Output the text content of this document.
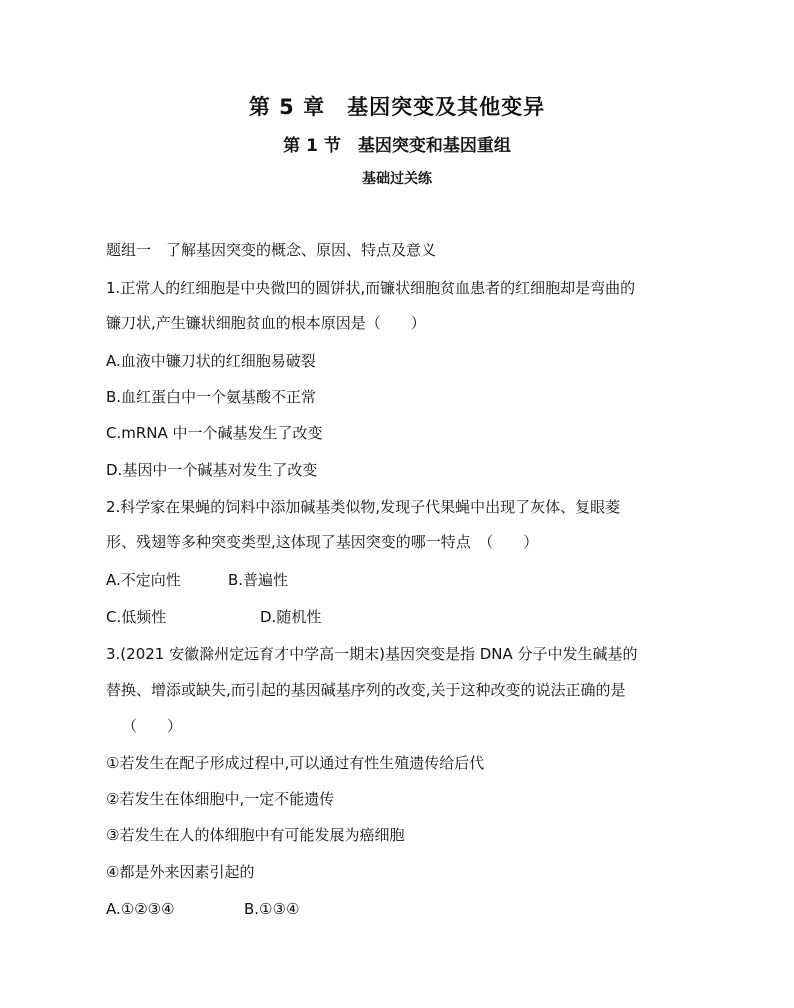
第 5 章　基因突变及其他变异
第 1 节　基因突变和基因重组
基础过关练
题组一　了解基因突变的概念、原因、特点及意义
1.正常人的红细胞是中央微凹的圆饼状,而镰状细胞贫血患者的红细胞却是弯曲的
镰刀状,产生镰状细胞贫血的根本原因是（　　）
A.血液中镰刀状的红细胞易破裂
B.血红蛋白中一个氨基酸不正常
C.mRNA 中一个碱基发生了改变
D.基因中一个碱基对发生了改变
2.科学家在果蝇的饲料中添加碱基类似物,发现子代果蝇中出现了灰体、复眼菱
形、残翅等多种突变类型,这体现了基因突变的哪一特点　（　　）
A.不定向性	B.普遍性
C.低频性	D.随机性
3.(2021 安徽滁州定远育才中学高一期末)基因突变是指 DNA 分子中发生碱基的
替换、增添或缺失,而引起的基因碱基序列的改变,关于这种改变的说法正确的是
（　　）
①若发生在配子形成过程中,可以通过有性生殖遗传给后代
②若发生在体细胞中,一定不能遗传
③若发生在人的体细胞中有可能发展为癌细胞
④都是外来因素引起的
A.①②③④	B.①③④
